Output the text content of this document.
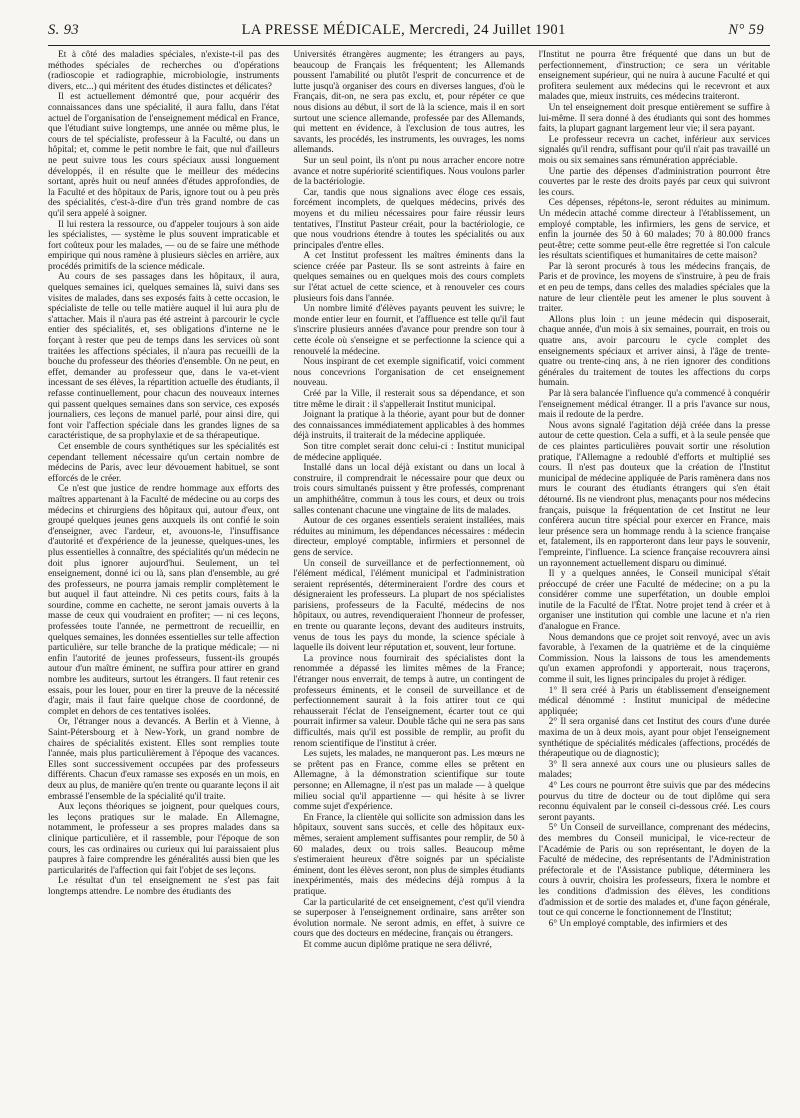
S. 93	LA PRESSE MÉDICALE, Mercredi, 24 Juillet 1901	N° 59

Et à côté des maladies spéciales, n'existe-t-il pas des méthodes spéciales de recherches ou d'opérations (radioscopie et radiographie, microbiologie, instruments divers, etc...) qui méritent des études distinctes et délicates?

Il est actuellement démontré que, pour acquérir des connaissances dans une spécialité, il aura fallu, dans l'état actuel de l'organisation de l'enseignement médical en France, que l'étudiant suive longtemps, une année ou même plus, le cours de tel spécialiste, professeur à la Faculté, ou dans un hôpital; et, comme le petit nombre le fait, que nul d'ailleurs ne peut suivre tous les cours spéciaux aussi longuement développés, il en résulte que le meilleur des médecins sortant, après huit ou neuf années d'études approfondies, de la Faculté et des hôpitaux de Paris, ignore tout ou à peu près des spécialités, c'est-à-dire d'un très grand nombre de cas qu'il sera appelé à soigner.

Il lui restera la ressource, ou d'appeler toujours à son aide les spécialistes, — système le plus souvent impraticable et fort coûteux pour les malades, — ou de se faire une méthode empirique qui nous ramène à plusieurs siècles en arrière, aux procédés primitifs de la science médicale.

Au cours de ses passages dans les hôpitaux, il aura, quelques semaines ici, quelques semaines là, suivi dans ses visites de malades, dans ses exposés faits à cette occasion, le spécialiste de telle ou telle matière auquel il lui aura plu de s'attacher. Mais il n'aura pas été astreint à parcourir le cycle entier des spécialités, et, ses obligations d'interne ne le forçant à rester que peu de temps dans les services où sont traitées les affections spéciales, il n'aura pas recueilli de la bouche du professeur des théories d'ensemble. On ne peut, en effet, demander au professeur que, dans le va-et-vient incessant de ses élèves, la répartition actuelle des étudiants, il refasse continuellement, pour chacun des nouveaux internes qui passent quelques semaines dans son service, ces exposés journaliers, ces leçons de manuel parlé, pour ainsi dire, qui font voir l'affection spéciale dans les grandes lignes de sa caractéristique, de sa prophylaxie et de sa thérapeutique.

Cet ensemble de cours synthétiques sur les spécialités est cependant tellement nécessaire qu'un certain nombre de médecins de Paris, avec leur dévouement habituel, se sont efforcés de le créer.

Ce n'est que justice de rendre hommage aux efforts des maîtres appartenant à la Faculté de médecine ou au corps des médecins et chirurgiens des hôpitaux qui, autour d'eux, ont groupé quelques jeunes gens auxquels ils ont confié le soin d'enseigner, avec l'ardeur, et, avouons-le, l'insuffisance d'autorité et d'expérience de la jeunesse, quelques-unes, les plus essentielles à connaître, des spécialités qu'un médecin ne doit plus ignorer aujourd'hui. Seulement, un tel enseignement, donné ici ou là, sans plan d'ensemble, au gré des professeurs, ne pourra jamais remplir complètement le but auquel il faut atteindre. Ni ces petits cours, faits à la sourdine, comme en cachette, ne seront jamais ouverts à la masse de ceux qui voudraient en profiter; — ni ces leçons, professées toute l'année, ne permettront de recueillir, en quelques semaines, les données essentielles sur telle affection particulière, sur telle branche de la pratique médicale; — ni enfin l'autorité de jeunes professeurs, fussent-ils groupés autour d'un maître éminent, ne suffira pour attirer en grand nombre les auditeurs, surtout les étrangers. Il faut retenir ces essais, pour les louer, pour en tirer la preuve de la nécessité d'agir, mais il faut faire quelque chose de coordonné, de complet en dehors de ces tentatives isolées.

Or, l'étranger nous a devancés. A Berlin et à Vienne, à Saint-Pétersbourg et à New-York, un grand nombre de chaires de spécialités existent. Elles sont remplies toute l'année, mais plus particulièrement à l'époque des vacances. Elles sont successivement occupées par des professeurs différents. Chacun d'eux ramasse ses exposés en un mois, en deux au plus, de manière qu'en trente ou quarante leçons il ait embrassé l'ensemble de la spécialité qu'il traite.

Aux leçons théoriques se joignent, pour quelques cours, les leçons pratiques sur le malade. En Allemagne, notamment, le professeur a ses propres malades dans sa clinique particulière, et il rassemble, pour l'époque de son cours, les cas ordinaires ou curieux qui lui paraissaient plus paupres à faire comprendre les généralités aussi bien que les particularités de l'affection qui fait l'objet de ses leçons.

Le résultat d'un tel enseignement ne s'est pas fait longtemps attendre. Le nombre des étudiants des

Universités étrangères augmente; les étrangers au pays, beaucoup de Français les fréquentent; les Allemands poussent l'amabilité ou plutôt l'esprit de concurrence et de lutte jusqu'à organiser des cours en diverses langues, d'où le Français, dit-on, ne sera pas exclu, et, pour répéter ce que nous disions au début, il sort de là la science, mais il en sort surtout une science allemande, professée par des Allemands, qui mettent en évidence, à l'exclusion de tous autres, les savants, les procédés, les instruments, les ouvrages, les noms allemands.

Sur un seul point, ils n'ont pu nous arracher encore notre avance et notre supériorité scientifiques. Nous voulons parler de la bactériologie.

Car, tandis que nous signalions avec éloge ces essais, forcément incomplets, de quelques médecins, privés des moyens et du milieu nécessaires pour faire réussir leurs tentatives, l'Institut Pasteur créait, pour la bactériologie, ce que nous voudrions étendre à toutes les spécialités ou aux principales d'entre elles.

A cet Institut professent les maîtres éminents dans la science créée par Pasteur. Ils se sont astreints à faire en quelques semaines ou en quelques mois des cours complets sur l'état actuel de cette science, et à renouveler ces cours plusieurs fois dans l'année.

Un nombre limité d'élèves payants peuvent les suivre; le monde entier leur en fournit, et l'affluence est telle qu'il faut s'inscrire plusieurs années d'avance pour prendre son tour à cette école où s'enseigne et se perfectionne la science qui a renouvelé la médecine.

Nous inspirant de cet exemple significatif, voici comment nous concevrions l'organisation de cet enseignement nouveau.

Créé par la Ville, il resterait sous sa dépendance, et son titre même le dirait : il s'appellerait Institut municipal.

Joignant la pratique à la théorie, ayant pour but de donner des connaissances immédiatement applicables à des hommes déjà instruits, il traiterait de la médecine appliquée.

Son titre complet serait donc celui-ci : Institut municipal de médecine appliquée.

Installé dans un local déjà existant ou dans un local à construire, il comprendrait le nécessaire pour que deux ou trois cours simultanés puissent y être professés, comprenant un amphithéâtre, commun à tous les cours, et deux ou trois salles contenant chacune une vingtaine de lits de malades.

Autour de ces organes essentiels seraient installées, mais réduites au minimum, les dépendances nécessaires : médecin directeur, employé comptable, infirmiers et personnel de gens de service.

Un conseil de surveillance et de perfectionnement, où l'élément médical, l'élément municipal et l'administration seraient représentés, détermineraient l'ordre des cours et désigneraient les professeurs. La plupart de nos spécialistes parisiens, professeurs de la Faculté, médecins de nos hôpitaux, ou autres, revendiqueraient l'honneur de professer, en trente ou quarante leçons, devant des auditeurs instruits, venus de tous les pays du monde, la science spéciale à laquelle ils doivent leur réputation et, souvent, leur fortune.

La province nous fournirait des spécialistes dont la renommée a dépassé les limites mêmes de la France; l'étranger nous enverrait, de temps à autre, un contingent de professeurs éminents, et le conseil de surveillance et de perfectionnement saurait à la fois attirer tout ce qui rehausserait l'éclat de l'enseignement, écarter tout ce qui pourrait infirmer sa valeur. Double tâche qui ne sera pas sans difficultés, mais qu'il est possible de remplir, au profit du renom scientifique de l'institut à créer.

Les sujets, les malades, ne manqueront pas. Les mœurs ne se prêtent pas en France, comme elles se prêtent en Allemagne, à la démonstration scientifique sur toute personne; en Allemagne, il n'est pas un malade — à quelque milieu social qu'il appartienne — qui hésite à se livrer comme sujet d'expérience.

En France, la clientèle qui sollicite son admission dans les hôpitaux, souvent sans succès, et celle des hôpitaux eux-mêmes, seraient amplement suffisantes pour remplir, de 50 à 60 malades, deux ou trois salles. Beaucoup même s'estimeraient heureux d'être soignés par un spécialiste éminent, dont les élèves seront, non plus de simples étudiants inexpérimentés, mais des médecins déjà rompus à la pratique.

Car la particularité de cet enseignement, c'est qu'il viendra se superposer à l'enseignement ordinaire, sans arrêter son évolution normale. Ne seront admis, en effet, à suivre ce cours que des docteurs en médecine, français ou étrangers.

Et comme aucun diplôme pratique ne sera délivré,

l'Institut ne pourra être fréquenté que dans un but de perfectionnement, d'instruction; ce sera un véritable enseignement supérieur, qui ne nuira à aucune Faculté et qui profitera seulement aux médecins qui le recevront et aux malades que, mieux instruits, ces médecins traiteront.

Un tel enseignement doit presque entièrement se suffire à lui-même. Il sera donné à des étudiants qui sont des hommes faits, la plupart gagnant largement leur vie; il sera payant.

Le professeur recevra un cachet, inférieur aux services signalés qu'il rendra, suffisant pour qu'il n'ait pas travaillé un mois ou six semaines sans rémunération appréciable.

Une partie des dépenses d'administration pourront être couvertes par le reste des droits payés par ceux qui suivront les cours.

Ces dépenses, répétons-le, seront réduites au minimum. Un médecin attaché comme directeur à l'établissement, un employé comptable, les infirmiers, les gens de service, et enfin la journée des 50 à 60 malades; 70 à 80.000 francs peut-être; cette somme peut-elle être regrettée si l'on calcule les résultats scientifiques et humanitaires de cette maison?

Par là seront procurés à tous les médecins français, de Paris et de province, les moyens de s'instruire, à peu de frais et en peu de temps, dans celles des maladies spéciales que la nature de leur clientèle peut les amener le plus souvent à traiter.

Allons plus loin : un jeune médecin qui disposerait, chaque année, d'un mois à six semaines, pourrait, en trois ou quatre ans, avoir parcouru le cycle complet des enseignements spéciaux et arriver ainsi, à l'âge de trente-quatre ou trente-cinq ans, à ne rien ignorer des conditions générales du traitement de toutes les affections du corps humain.

Par là sera balancée l'influence qu'a commencé à conquérir l'enseignement médical étranger. Il a pris l'avance sur nous, mais il redoute de la perdre.

Nous avons signalé l'agitation déjà créée dans la presse autour de cette question. Cela a suffi, et à la seule pensée que de ces plaintes particulières pouvait sortir une résolution pratique, l'Allemagne a redoublé d'efforts et multiplié ses cours. Il n'est pas douteux que la création de l'Institut municipal de médecine appliquée de Paris ramènera dans nos murs le courant des étudiants étrangers qui s'en était détourné. Ils ne viendront plus, menaçants pour nos médecins français, puisque la fréquentation de cet Institut ne leur conférera aucun titre spécial pour exercer en France, mais leur présence sera un hommage rendu à la science française et, fatalement, ils en rapporteront dans leur pays le souvenir, l'empreinte, l'influence. La science française recouvrera ainsi un rayonnement actuellement disparu ou diminué.

Il y a quelques années, le Conseil municipal s'était préoccupé de créer une Faculté de médecine; on a pu la considérer comme une superfétation, un double emploi inutile de la Faculté de l'État. Notre projet tend à créer et à organiser une institution qui comble une lacune et n'a rien d'analogue en France.

Nous demandons que ce projet soit renvoyé, avec un avis favorable, à l'examen de la quatrième et de la cinquième Commission. Nous la laissons de tous les amendements qu'un examen approfondi y apporterait, nous traçerons, comme il suit, les lignes principales du projet à rédiger.

1° Il sera créé à Paris un établissement d'enseignement médical dénommé : Institut municipal de médecine appliquée;

2° Il sera organisé dans cet Institut des cours d'une durée maxima de un à deux mois, ayant pour objet l'enseignement synthétique de spécialités médicales (affections, procédés de thérapeutique ou de diagnostic);

3° Il sera annexé aux cours une ou plusieurs salles de malades;

4° Les cours ne pourront être suivis que par des médecins pourvus du titre de docteur ou de tout diplôme qui sera reconnu équivalent par le conseil ci-dessous créé. Les cours seront payants.

5° Un Conseil de surveillance, comprenant des médecins, des membres du Conseil municipal, le vice-recteur de l'Académie de Paris ou son représentant, le doyen de la Faculté de médecine, des représentants de l'Administration préfectorale et de l'Assistance publique, déterminera les cours à ouvrir, choisira les professeurs, fixera le nombre et les conditions d'admission des élèves, les conditions d'admission et de sortie des malades et, d'une façon générale, tout ce qui concerne le fonctionnement de l'Institut;

6° Un employé comptable, des infirmiers et des
